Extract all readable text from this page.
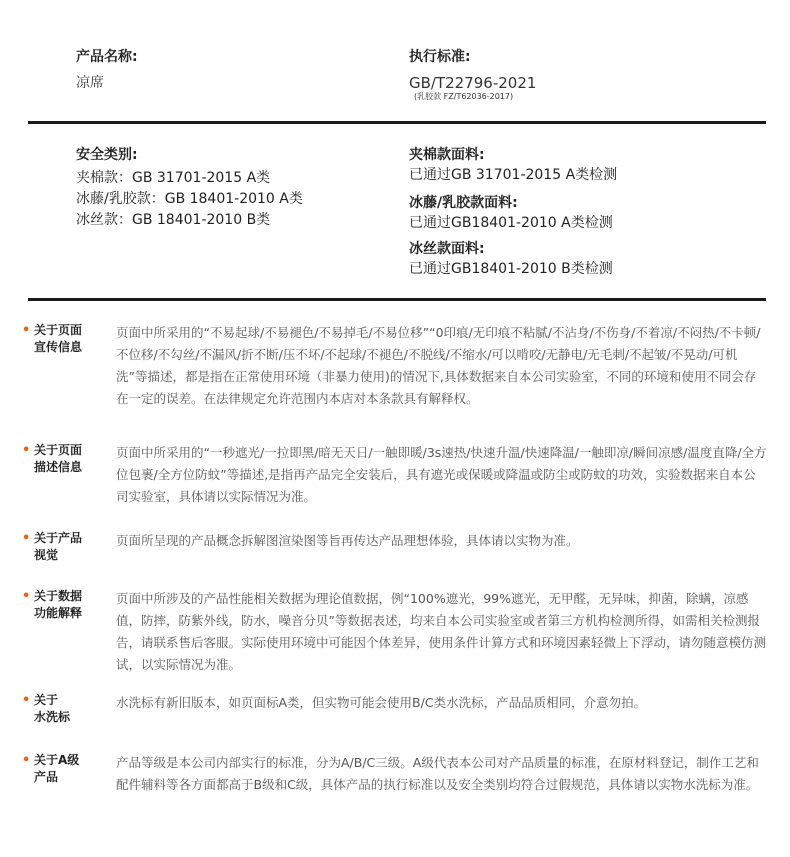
产品名称:
凉席
执行标准:
GB/T22796-2021
(乳胶款 FZ/T62036-2017)
安全类别:
夹棉款：GB 31701-2015 A类
冰藤/乳胶款：GB 18401-2010 A类
冰丝款：GB 18401-2010 B类
夹棉款面料:
已通过GB 31701-2015 A类检测
冰藤/乳胶款面料:
已通过GB18401-2010 A类检测
冰丝款面料:
已通过GB18401-2010 B类检测
• 关于页面
宣传信息
页面中所采用的“不易起球/不易褪色/不易掉毛/不易位移”“0印痕/无印痕不粘腻/不沾身/不伤身/不着凉/不闷热/不卡顿/不位移/不勾丝/不漏风/折不断/压不坏/不起球/不褪色/不脱线/不缩水/可以啃咬/无静电/无毛刺/不起皱/不晃动/可机洗”等描述，都是指在正常使用环境（非暴力使用)的情况下,具体数据来自本公司实验室，不同的环境和使用不同会存在一定的误差。在法律规定允许范围内本店对本条款具有解释权。
• 关于页面
描述信息
页面中所采用的“一秒遮光/一拉即黑/暗无天日/一触即暖/3s速热/快速升温/快速降温/一触即凉/瞬间凉感/温度直降/全方位包裹/全方位防蚊”等描述,是指再产品完全安装后，具有遮光或保暖或降温或防尘或防蚊的功效，实验数据来自本公司实验室，具体请以实际情况为准。
• 关于产品
视觉
页面所呈现的产品概念拆解图渲染图等旨再传达产品理想体验，具体请以实物为准。
• 关于数据
功能解释
页面中所涉及的产品性能相关数据为理论值数据，例“100%遮光，99%遮光，无甲醛，无异味，抑菌，除螨，凉感值，防摔，防紫外线，防水，噪音分贝”等数据表述，均来自本公司实验室或者第三方机构检测所得，如需相关检测报告，请联系售后客服。实际使用环境中可能因个体差异，使用条件计算方式和环境因素轻微上下浮动，请勿随意模仿测试，以实际情况为准。
• 关于
水洗标
水洗标有新旧版本，如页面标A类，但实物可能会使用B/C类水洗标，产品品质相同，介意勿拍。
• 关于A级
产品
产品等级是本公司内部实行的标准，分为A/B/C三级。A级代表本公司对产品质量的标准，在原材料登记，制作工艺和配件辅料等各方面都高于B级和C级，具体产品的执行标准以及安全类别均符合过假规范，具体请以实物水洗标为准。
